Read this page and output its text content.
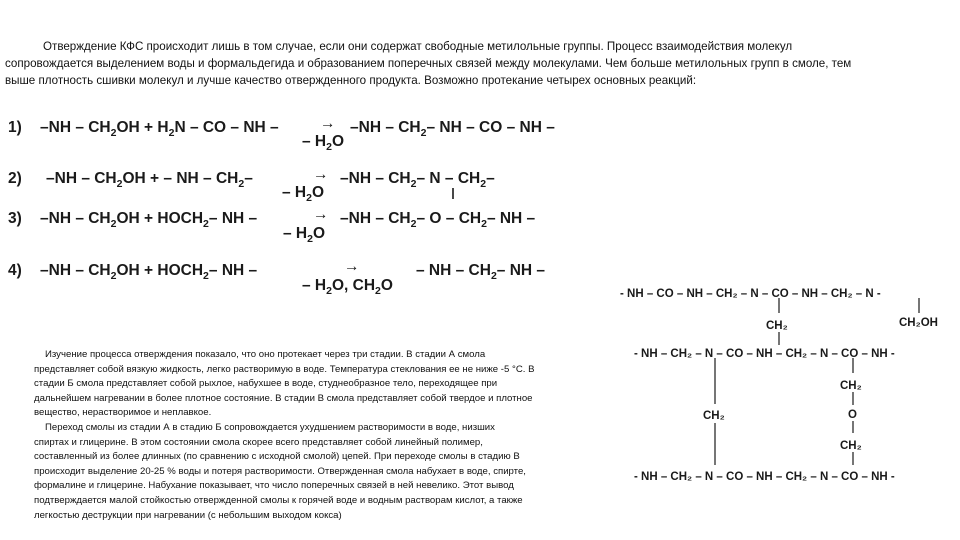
Отверждение КФС происходит лишь в том случае, если они содержат свободные метилольные группы. Процесс взаимодействия молекул
сопровождается выделением воды и формальдегида и образованием поперечных связей между молекулами. Чем больше метилольных групп в смоле, тем
выше плотность сшивки молекул и лучше качество отвержденного продукта. Возможно протекание четырех основных реакций:
1) $-NH - CH_2OH + H_2N$ – CO – NH –	→
– $H_2O$
$-NH - CH_2-$ NH – CO – NH –
2) $-NH - CH_2OH$ + – NH – $CH_2-$	→
– $H_2O$
$-NH - CH_2-$ N – $CH_2-$
3) $-NH - CH_2OH$ + $HOCH_2-$ NH –	→
– $H_2O$
$-NH - CH_2-$ O – $CH_2-$ NH –
4) $-NH - CH_2OH$ + $HOCH_2-$ NH –	→
– $H_2O$, $CH_2O$
– NH – $CH_2-$ NH –
- NH – CO – NH – CH₂ – N – CO – NH – CH₂ – N -
CH₂	CH₂OH
- NH – CH₂ – N – CO – NH – CH₂ – N – CO – NH -
CH₂
O
CH₂
CH₂
- NH – CH₂ – N – CO – NH – CH₂ – N – CO – NH -
Изучение процесса отверждения показало, что оно протекает через три стадии. В стадии А смола
представляет собой вязкую жидкость, легко растворимую в воде. Температура стеклования ее не ниже -5 °С. В
стадии Б смола представляет собой рыхлое, набухшее в воде, студнеобразное тело, переходящее при
дальнейшем нагревании в более плотное состояние. В стадии В смола представляет собой твердое и плотное
вещество, нерастворимое и неплавкое.
Переход смолы из стадии А в стадию Б сопровождается ухудшением растворимости в воде, низших
спиртах и глицерине. В этом состоянии смола скорее всего представляет собой линейный полимер,
составленный из более длинных (по сравнению с исходной смолой) цепей. При переходе смолы в стадию В
происходит выделение 20-25 % воды и потеря растворимости. Отвержденная смола набухает в воде, спирте,
формалине и глицерине. Набухание показывает, что число поперечных связей в ней невелико. Этот вывод
подтверждается малой стойкостью отвержденной смолы к горячей воде и водным растворам кислот, а также
легкостью деструкции при нагревании (с небольшим выходом кокса)
